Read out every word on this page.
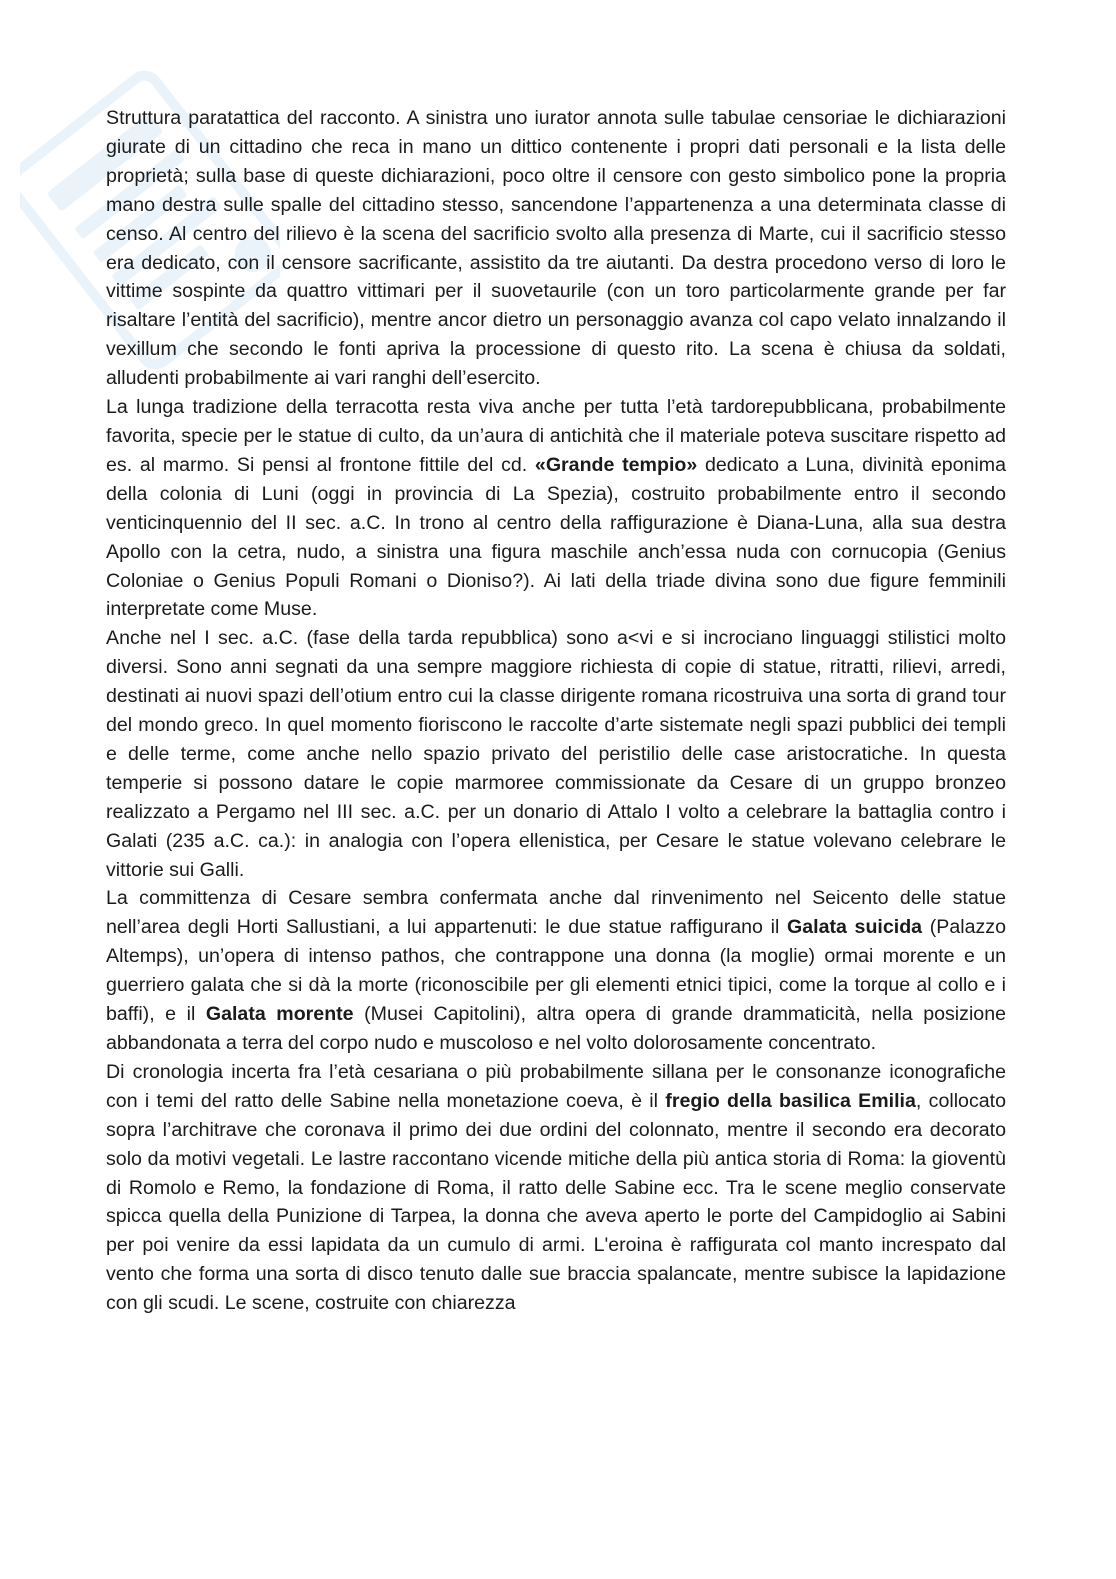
Struttura paratattica del racconto. A sinistra uno iurator annota sulle tabulae censoriae le dichiarazioni giurate di un cittadino che reca in mano un dittico contenente i propri dati personali e la lista delle proprietà; sulla base di queste dichiarazioni, poco oltre il censore con gesto simbolico pone la propria mano destra sulle spalle del cittadino stesso, sancendone l’appartenenza a una determinata classe di censo. Al centro del rilievo è la scena del sacrificio svolto alla presenza di Marte, cui il sacrificio stesso era dedicato, con il censore sacrificante, assistito da tre aiutanti. Da destra procedono verso di loro le vittime sospinte da quattro vittimari per il suovetaurile (con un toro particolarmente grande per far risaltare l’entità del sacrificio), mentre ancor dietro un personaggio avanza col capo velato innalzando il vexillum che secondo le fonti apriva la processione di questo rito. La scena è chiusa da soldati, alludenti probabilmente ai vari ranghi dell’esercito.

La lunga tradizione della terracotta resta viva anche per tutta l’età tardorepubblicana, probabilmente favorita, specie per le statue di culto, da un’aura di antichità che il materiale poteva suscitare rispetto ad es. al marmo. Si pensi al frontone fittile del cd. «Grande tempio» dedicato a Luna, divinità eponima della colonia di Luni (oggi in provincia di La Spezia), costruito probabilmente entro il secondo venticinquennio del II sec. a.C. In trono al centro della raffigurazione è Diana-Luna, alla sua destra Apollo con la cetra, nudo, a sinistra una figura maschile anch’essa nuda con cornucopia (Genius Coloniae o Genius Populi Romani o Dioniso?). Ai lati della triade divina sono due figure femminili interpretate come Muse.

Anche nel I sec. a.C. (fase della tarda repubblica) sono a<vi e si incrociano linguaggi stilistici molto diversi. Sono anni segnati da una sempre maggiore richiesta di copie di statue, ritratti, rilievi, arredi, destinati ai nuovi spazi dell’otium entro cui la classe dirigente romana ricostruiva una sorta di grand tour del mondo greco. In quel momento fioriscono le raccolte d’arte sistemate negli spazi pubblici dei templi e delle terme, come anche nello spazio privato del peristilio delle case aristocratiche. In questa temperie si possono datare le copie marmoree commissionate da Cesare di un gruppo bronzeo realizzato a Pergamo nel III sec. a.C. per un donario di Attalo I volto a celebrare la battaglia contro i Galati (235 a.C. ca.): in analogia con l’opera ellenistica, per Cesare le statue volevano celebrare le vittorie sui Galli.

La committenza di Cesare sembra confermata anche dal rinvenimento nel Seicento delle statue nell’area degli Horti Sallustiani, a lui appartenuti: le due statue raffigurano il Galata suicida (Palazzo Altemps), un’opera di intenso pathos, che contrappone una donna (la moglie) ormai morente e un guerriero galata che si dà la morte (riconoscibile per gli elementi etnici tipici, come la torque al collo e i baffi), e il Galata morente (Musei Capitolini), altra opera di grande drammaticità, nella posizione abbandonata a terra del corpo nudo e muscoloso e nel volto dolorosamente concentrato.

Di cronologia incerta fra l’età cesariana o più probabilmente sillana per le consonanze iconografiche con i temi del ratto delle Sabine nella monetazione coeva, è il fregio della basilica Emilia, collocato sopra l’architrave che coronava il primo dei due ordini del colonnato, mentre il secondo era decorato solo da motivi vegetali. Le lastre raccontano vicende mitiche della più antica storia di Roma: la gioventù di Romolo e Remo, la fondazione di Roma, il ratto delle Sabine ecc. Tra le scene meglio conservate spicca quella della Punizione di Tarpea, la donna che aveva aperto le porte del Campidoglio ai Sabini per poi venire da essi lapidata da un cumulo di armi. L'eroina è raffigurata col manto increspato dal vento che forma una sorta di disco tenuto dalle sue braccia spalancate, mentre subisce la lapidazione con gli scudi. Le scene, costruite con chiarezza
